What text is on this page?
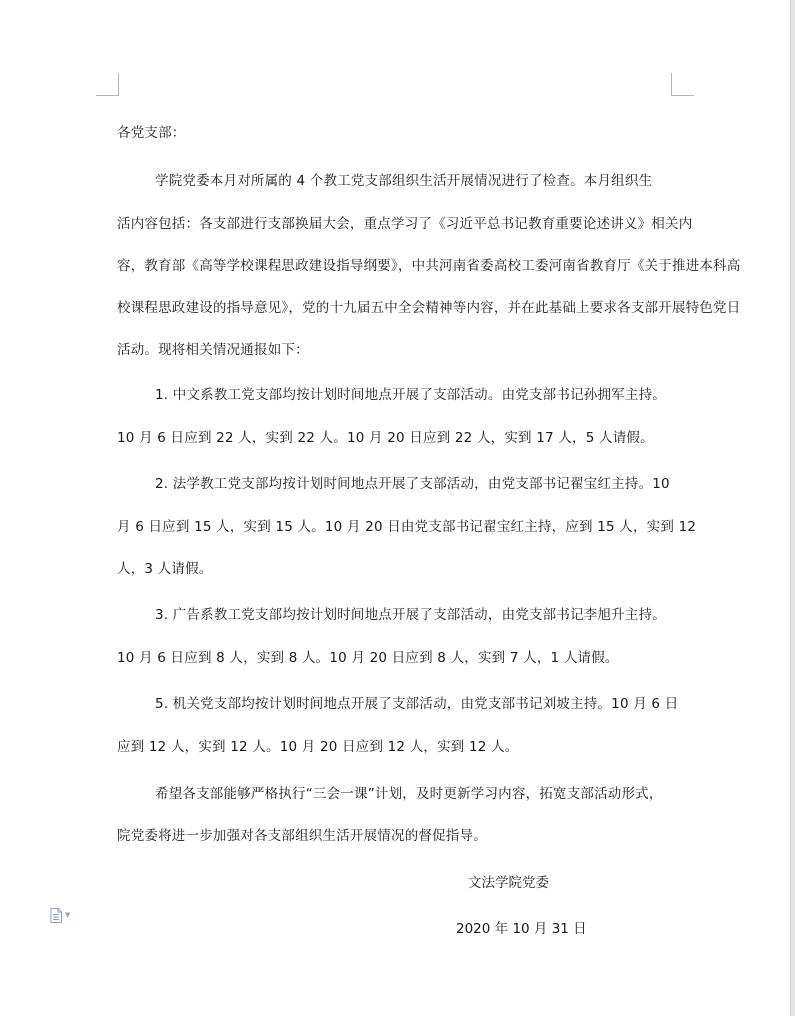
各党支部：
学院党委本月对所属的 4 个教工党支部组织生活开展情况进行了检查。本月组织生
活内容包括：各支部进行支部换届大会，重点学习了《习近平总书记教育重要论述讲义》相关内
容，教育部《高等学校课程思政建设指导纲要》，中共河南省委高校工委河南省教育厅《关于推进本科高
校课程思政建设的指导意见》，党的十九届五中全会精神等内容，并在此基础上要求各支部开展特色党日
活动。现将相关情况通报如下：
1. 中文系教工党支部均按计划时间地点开展了支部活动。由党支部书记孙拥军主持。
10 月 6 日应到 22 人，实到 22 人。10 月 20 日应到 22 人，实到 17 人，5 人请假。
2. 法学教工党支部均按计划时间地点开展了支部活动，由党支部书记翟宝红主持。10
月 6 日应到 15 人，实到 15 人。10 月 20 日由党支部书记翟宝红主持，应到 15 人，实到 12
人，3 人请假。
3. 广告系教工党支部均按计划时间地点开展了支部活动，由党支部书记李旭升主持。
10 月 6 日应到 8 人，实到 8 人。10 月 20 日应到 8 人，实到 7 人，1 人请假。
5. 机关党支部均按计划时间地点开展了支部活动，由党支部书记刘坡主持。10 月 6 日
应到 12 人，实到 12 人。10 月 20 日应到 12 人，实到 12 人。
希望各支部能够严格执行“三会一课”计划，及时更新学习内容，拓宽支部活动形式，
院党委将进一步加强对各支部组织生活开展情况的督促指导。
文法学院党委
2020 年 10 月 31 日
▼
